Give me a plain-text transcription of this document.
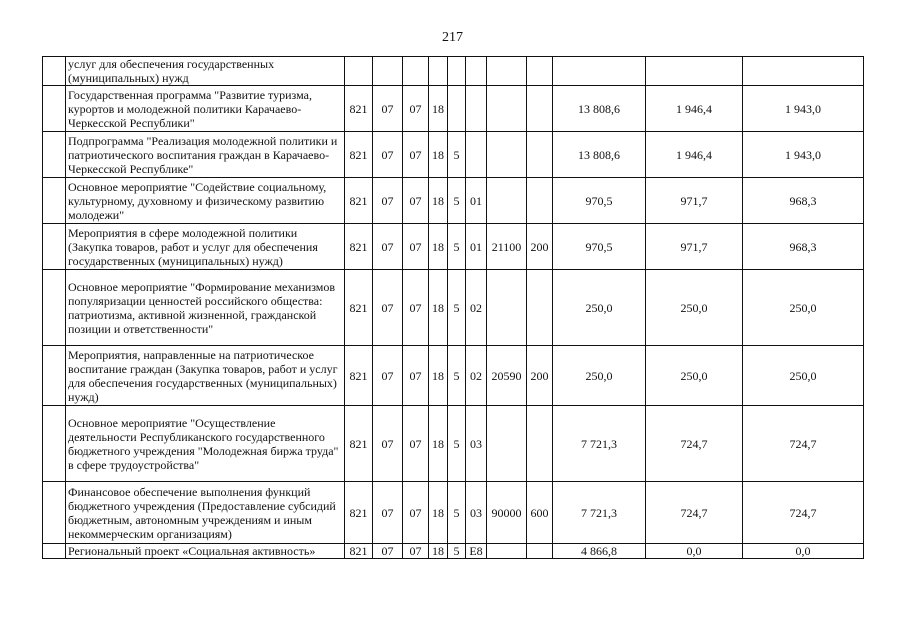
217
	услуг для обеспечения государственных (муниципальных) нужд											
	Государственная программа "Развитие туризма, курортов и молодежной политики Карачаево-Черкесской Республики"	821	07	07	18					13 808,6	1 946,4	1 943,0
	Подпрограмма "Реализация молодежной политики и патриотического воспитания граждан в Карачаево-Черкесской Республике"	821	07	07	18	5				13 808,6	1 946,4	1 943,0
	Основное мероприятие "Содействие социальному, культурному, духовному и физическому развитию молодежи"	821	07	07	18	5	01			970,5	971,7	968,3
	Мероприятия в сфере молодежной политики (Закупка товаров, работ и услуг для обеспечения государственных (муниципальных) нужд)	821	07	07	18	5	01	21100	200	970,5	971,7	968,3
	Основное мероприятие "Формирование механизмов популяризации ценностей российского общества: патриотизма, активной жизненной, гражданской позиции и ответственности"	821	07	07	18	5	02			250,0	250,0	250,0
	Мероприятия, направленные на патриотическое воспитание граждан (Закупка товаров, работ и услуг для обеспечения государственных (муниципальных) нужд)	821	07	07	18	5	02	20590	200	250,0	250,0	250,0
	Основное мероприятие "Осуществление деятельности Республиканского государственного бюджетного учреждения "Молодежная биржа труда" в сфере трудоустройства"	821	07	07	18	5	03			7 721,3	724,7	724,7
	Финансовое обеспечение выполнения функций бюджетного учреждения (Предоставление субсидий бюджетным, автономным учреждениям и иным некоммерческим организациям)	821	07	07	18	5	03	90000	600	7 721,3	724,7	724,7
	Региональный проект «Социальная активность»	821	07	07	18	5	E8			4 866,8	0,0	0,0
